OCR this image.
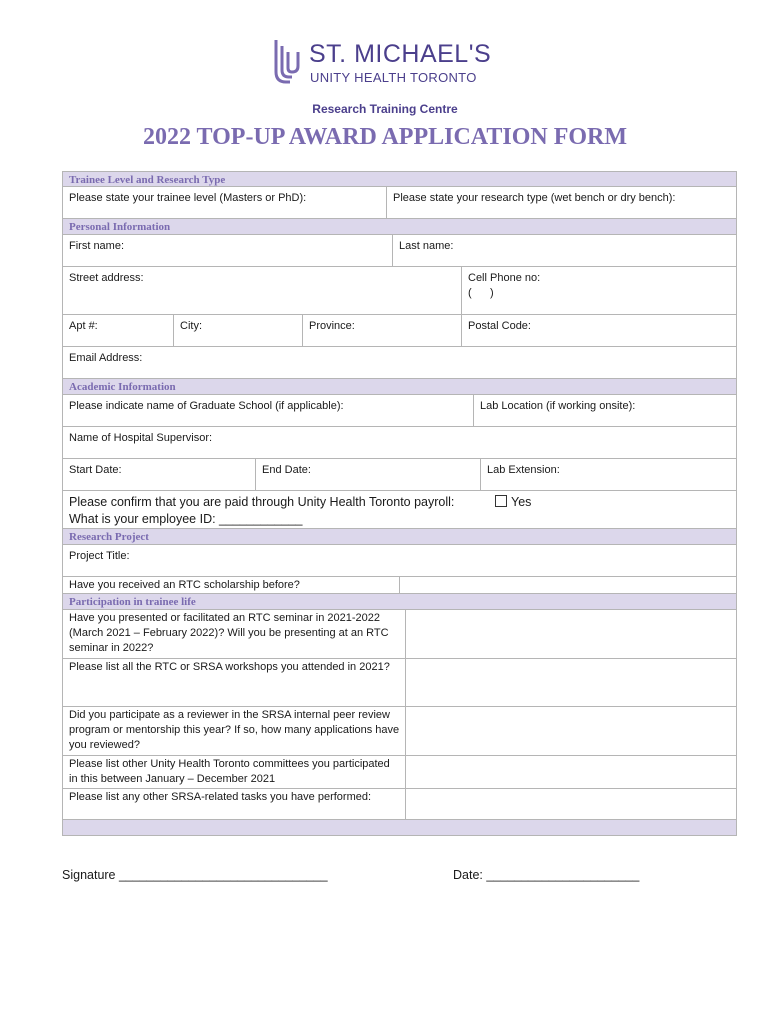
ST. MICHAEL'S
UNITY HEALTH TORONTO
Research Training Centre
2022 TOP-UP AWARD APPLICATION FORM
Trainee Level and Research Type
Please state your trainee level (Masters or PhD):	Please state your research type (wet bench or dry bench):
Personal Information
First name:	Last name:
Street address:	Cell Phone no:
(      )
Apt #:	City:	Province:	Postal Code:
Email Address:
Academic Information
Please indicate name of Graduate School (if applicable):	Lab Location (if working onsite):
Name of Hospital Supervisor:
Start Date:	End Date:	Lab Extension:
Please confirm that you are paid through Unity Health Toronto payroll:
What is your employee ID: ____________
Yes
Research Project
Project Title:
Have you received an RTC scholarship before?
Participation in trainee life
Have you presented or facilitated an RTC seminar in 2021-2022 (March 2021 – February 2022)? Will you be presenting at an RTC seminar in 2022?
Please list all the RTC or SRSA workshops you attended in 2021?
Did you participate as a reviewer in the SRSA internal peer review program or mentorship this year? If so, how many applications have you reviewed?
Please list other Unity Health Toronto committees you participated in this between January – December 2021
Please list any other SRSA-related tasks you have performed:
Signature ______________________________	Date: ______________________
